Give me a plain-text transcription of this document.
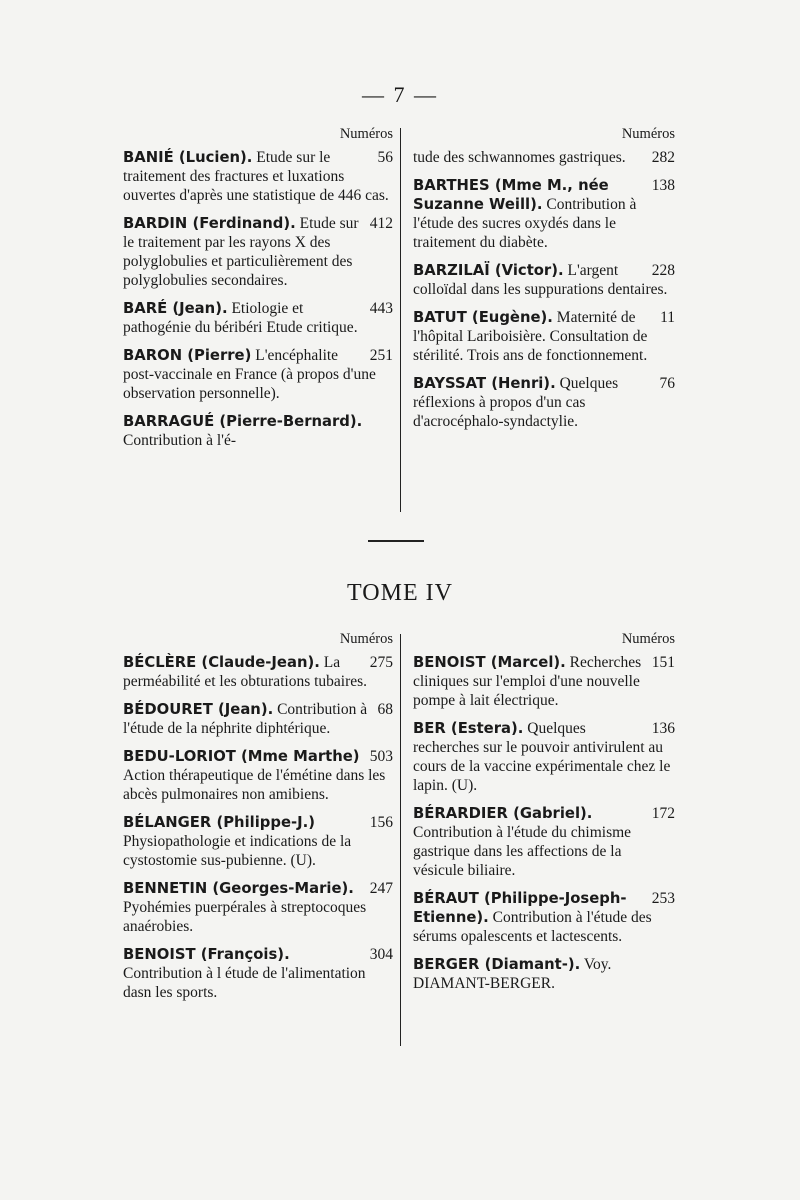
— 7 —
Numéros
56
BANIÉ (Lucien). Etude sur le traitement des fractures et luxations ouvertes d'après une statistique de 446 cas.
412
BARDIN (Ferdinand). Etude sur le traitement par les rayons X des polyglobulies et particulièrement des polyglobulies secondaires.
443
BARÉ (Jean). Etiologie et pathogénie du béribéri Etude critique.
251
BARON (Pierre) L'encéphalite post-vaccinale en France (à propos d'une observation personnelle).
BARRAGUÉ (Pierre-Bernard). Contribution à l'é-
Numéros
282
tude des schwannomes gastriques.
138
BARTHES (Mme M., née Suzanne Weill). Contribution à l'étude des sucres oxydés dans le traitement du diabète.
228
BARZILAÏ (Victor). L'argent colloïdal dans les suppurations dentaires.
11
BATUT (Eugène). Maternité de l'hôpital Lariboisière. Consultation de stérilité. Trois ans de fonctionnement.
76
BAYSSAT (Henri). Quelques réflexions à propos d'un cas d'acrocéphalo-syndactylie.
TOME IV
Numéros
275
BÉCLÈRE (Claude-Jean). La perméabilité et les obturations tubaires.
68
BÉDOURET (Jean). Contribution à l'étude de la néphrite diphtérique.
503
BEDU-LORIOT (Mme Marthe) Action thérapeutique de l'émétine dans les abcès pulmonaires non amibiens.
156
BÉLANGER (Philippe-J.) Physiopathologie et indications de la cystostomie sus-pubienne. (U).
247
BENNETIN (Georges-Marie). Pyohémies puerpérales à streptocoques anaérobies.
304
BENOIST (François). Contribution à l étude de l'alimentation dasn les sports.
Numéros
151
BENOIST (Marcel). Recherches cliniques sur l'emploi d'une nouvelle pompe à lait électrique.
136
BER (Estera). Quelques recherches sur le pouvoir antivirulent au cours de la vaccine expérimentale chez le lapin. (U).
172
BÉRARDIER (Gabriel). Contribution à l'étude du chimisme gastrique dans les affections de la vésicule biliaire.
253
BÉRAUT (Philippe-Joseph-Etienne). Contribution à l'étude des sérums opalescents et lactescents.
BERGER (Diamant-). Voy. DIAMANT-BERGER.
